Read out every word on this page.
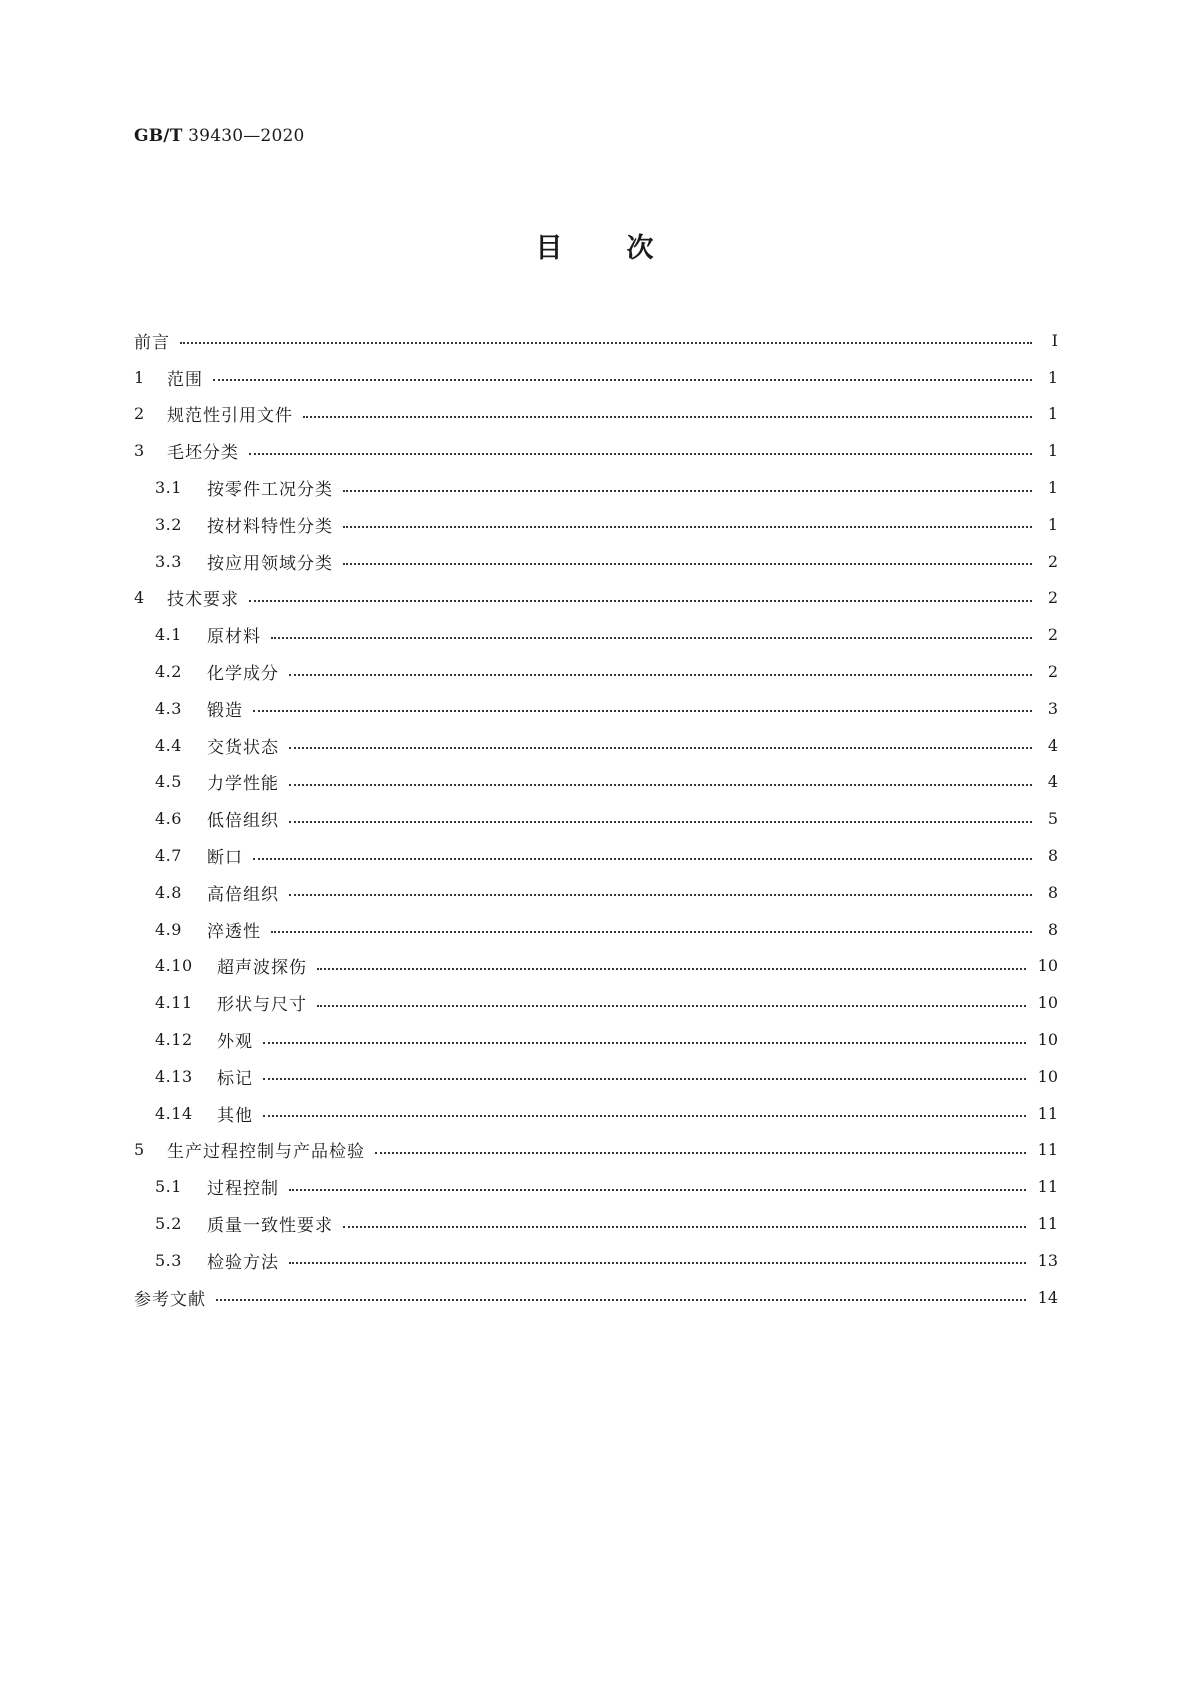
GB/T 39430—2020
目 次
前言	Ⅰ
1	范围	1
2	规范性引用文件	1
3	毛坯分类	1
3.1	按零件工况分类	1
3.2	按材料特性分类	1
3.3	按应用领域分类	2
4	技术要求	2
4.1	原材料	2
4.2	化学成分	2
4.3	锻造	3
4.4	交货状态	4
4.5	力学性能	4
4.6	低倍组织	5
4.7	断口	8
4.8	高倍组织	8
4.9	淬透性	8
4.10	超声波探伤	10
4.11	形状与尺寸	10
4.12	外观	10
4.13	标记	10
4.14	其他	11
5	生产过程控制与产品检验	11
5.1	过程控制	11
5.2	质量一致性要求	11
5.3	检验方法	13
参考文献	14
